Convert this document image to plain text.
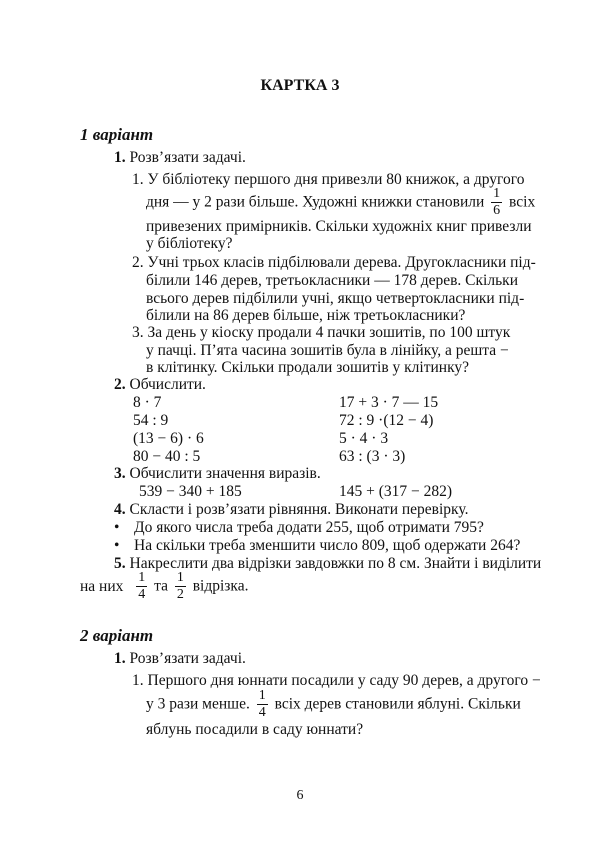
КАРТКА 3
1 варіант
1. Розв’язати задачі.
1. У бібліотеку першого дня привезли 80 книжок, а другого
дня — у 2 рази більше. Художні книжки становили $\frac{1}{6}$ всіх
привезених примірників. Скільки художніх книг привезли
у бібліотеку?
2. Учні трьох класів підбілювали дерева. Другокласники під-
білили 146 дерев, третьокласники — 178 дерев. Скільки
всього дерев підбілили учні, якщо четвертокласники під-
білили на 86 дерев більше, ніж третьокласники?
3. За день у кіоску продали 4 пачки зошитів, по 100 штук
у пачці. П’ята часина зошитів була в лінійку, а решта −
в клітинку. Скільки продали зошитів у клітинку?
2. Обчислити.
8 · 7
54 : 9
(13 − 6) · 6
80 − 40 : 5
17 + 3 · 7 — 15
72 : 9 ·(12 − 4)
5 · 4 · 3
63 : (3 · 3)
3. Обчислити значення виразів.
539 − 340 + 185	145 + (317 − 282)
4. Скласти і розв’язати рівняння. Виконати перевірку.
• До якого числа треба додати 255, щоб отримати 795?
• На скільки треба зменшити число 809, щоб одержати 264?
5. Накреслити два відрізки завдовжки по 8 см. Знайти і виділити
на них $\frac{1}{4}$ та $\frac{1}{2}$ відрізка.
2 варіант
1. Розв’язати задачі.
1. Першого дня юннати посадили у саду 90 дерев, а другого −
у 3 рази менше. $\frac{1}{4}$ всіх дерев становили яблуні. Скільки
яблунь посадили в саду юннати?
6
